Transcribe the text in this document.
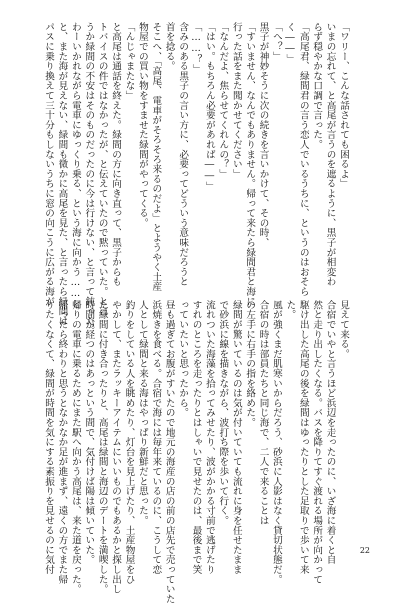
「ワリー、こんな話されても困るよ」
いまの忘れて、と高尾が言うのを遮るように、黒子が相変わ
らず穏やかな口調で言った。
「高尾君、緑間君の言う恋人でいるうちに、というのはおそら
く――」
「へ？」
黒子が神妙そうに次の続きを言いかけて、その時、
「すいません、なんでもありません。帰って来たら緑間君と海に
行った話をまた聞かせてください」
「なんだよ、焦らせてくれんの？」
「はい。もちろん必要があれば――」
「……？」
含みのある黒子の言い方に、必要ってどういう意味だろうと
首を捻る。
そこへ、「高尾、電車がそろそろ来るのだよ」とようやく土産
物屋での買い物をすませた緑間がやってくる。
「んじゃまたな」
と高尾は通話を終えた。緑間の方に向き直って、黒子からも
トバイスの件ではなかったが、と伝えていたので黙っていた。と言
うか緑間の不安はそのものだったのに今は行けない、と言って鈍った。
わーいかれながら電車にゆっくり乗る、という海に向かう……と
と、また海が見えない、緑間も微かに高尾を見た、と言ったら緑間は
パスに乗り換えて三十分もしないうちに窓の向こうに広がる海が
見えて来る。
合宿でいやと言うほど浜辺を走ったのに、いざ海に着くと自
然と走り出したくなる。バスを降りてすぐ渡れる場所が向かって
駆け出した高尾の後を緑間はゆったりとした足取りで歩いて来
た。
風が強くまだ肌寒いからだろう、砂浜に人影はなく貸切状態だ。
合宿の時は部員たちと同じ海で、二人で来ることは
の左手に右手の指を絡めた。
緑間が驚いているのは気が付いていても流れに身を任せたまま
で砂浜に線を描きながら、波打ち際を歩いて行く。
流れついた海藻を拾ってみせたり、波がかかる寸前で逃げたり
すれのところを走ったりとはしゃいで見せたのは、最後まで笑
っていたいと思ったから。
昼も過ぎてお腹がすいたので地元の海産の店の前の店先で売っていた
浜焼きを食べる。合宿で海には毎年来ているのに、こうして恋
人として緑間と来る海はやっぱり新鮮だと思った。
釣りをしている人を眺めたり、灯台を見上げたり、土産物屋をひ
やかして、またラッキーアイテムにいいものでもあるかと探し出し
た緑間に付き合ったりと、高尾は緑間と海辺のデートを満喫した。
時間が経つのはあっという間で、気付けば陽は傾いていた。
帰りの電車に乗るためにまた駅へ向かう高尾は、来た道を戻った。
帰ったら終わりと思うとなかなか足が進まず、遠くの方でまた帰
りたくなくて、緑間が時間を気にする素振りを見せるのに気付	22
